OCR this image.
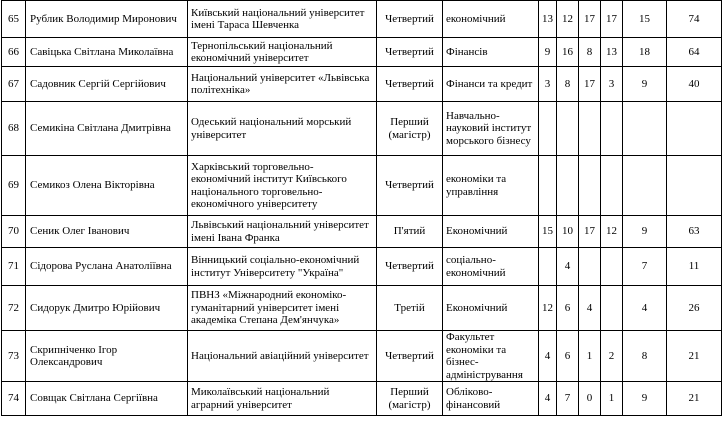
65	Рублик Володимир Миронович	Київський національний університет імені Тараса Шевченка	Четвертий	економічний	13	12	17	17	15	74
66	Савіцька Світлана Миколаївна	Тернопільський національний економічний університет	Четвертий	Фінансів	9	16	8	13	18	64
67	Садовник Сергій Сергійович	Національний університет «Львівська політехніка»	Четвертий	Фінанси та кредит	3	8	17	3	9	40
68	Семикіна Світлана Дмитрівна	Одеський національний морський університет	Перший (магістр)	Навчально-науковий інститут морського бізнесу						
69	Семикоз Олена Вікторівна	Харківський торговельно-економічний інститут Київського національного торговельно-економічного університету	Четвертий	економіки та управління						
70	Сеник Олег Іванович	Львівський національний університет імені Івана Франка	П'ятий	Економічний	15	10	17	12	9	63
71	Сідорова Руслана Анатоліївна	Вінницький соціально-економічний інститут Університету "Україна"	Четвертий	соціально-економічний		4			7	11
72	Сидорук Дмитро Юрійович	ПВНЗ «Міжнародний економіко-гуманітарний університет імені академіка Степана Дем'янчука»	Третій	Економічний	12	6	4		4	26
73	Скрипніченко Ігор Олександрович	Національний авіаційний університет	Четвертий	Факультет економіки та бізнес-адміністрування	4	6	1	2	8	21
74	Совщак Світлана Сергіївна	Миколаївський національний аграрний університет	Перший (магістр)	Обліково-фінансовий	4	7	0	1	9	21
